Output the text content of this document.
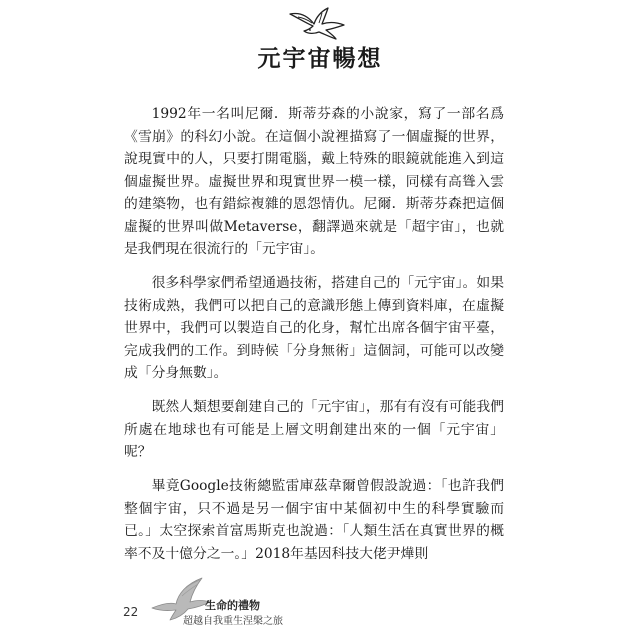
元宇宙暢想

1992年一名叫尼爾．斯蒂芬森的小說家，寫了一部名爲《雪崩》的科幻小說。在這個小說裡描寫了一個虛擬的世界，說現實中的人，只要打開電腦，戴上特殊的眼鏡就能進入到這個虛擬世界。虛擬世界和現實世界一模一樣，同樣有高聳入雲的建築物，也有錯綜複雜的恩怨情仇。尼爾．斯蒂芬森把這個虛擬的世界叫做Metaverse，翻譯過來就是「超宇宙」，也就是我們現在很流行的「元宇宙」。

很多科學家們希望通過技術，搭建自己的「元宇宙」。如果技術成熟，我們可以把自己的意識形態上傳到資料庫，在虛擬世界中，我們可以製造自己的化身，幫忙出席各個宇宙平臺，完成我們的工作。到時候「分身無術」這個詞，可能可以改變成「分身無數」。

既然人類想要創建自己的「元宇宙」，那有有沒有可能我們所處在地球也有可能是上層文明創建出來的一個「元宇宙」呢？

畢竟Google技術總監雷庫茲韋爾曾假設說過：「也許我們整個宇宙，只不過是另一個宇宙中某個初中生的科學實驗而已。」太空探索首富馬斯克也說過：「人類生活在真實世界的概率不及十億分之一。」2018年基因科技大佬尹燁則

22	生命的禮物
超越自我重生涅槃之旅
